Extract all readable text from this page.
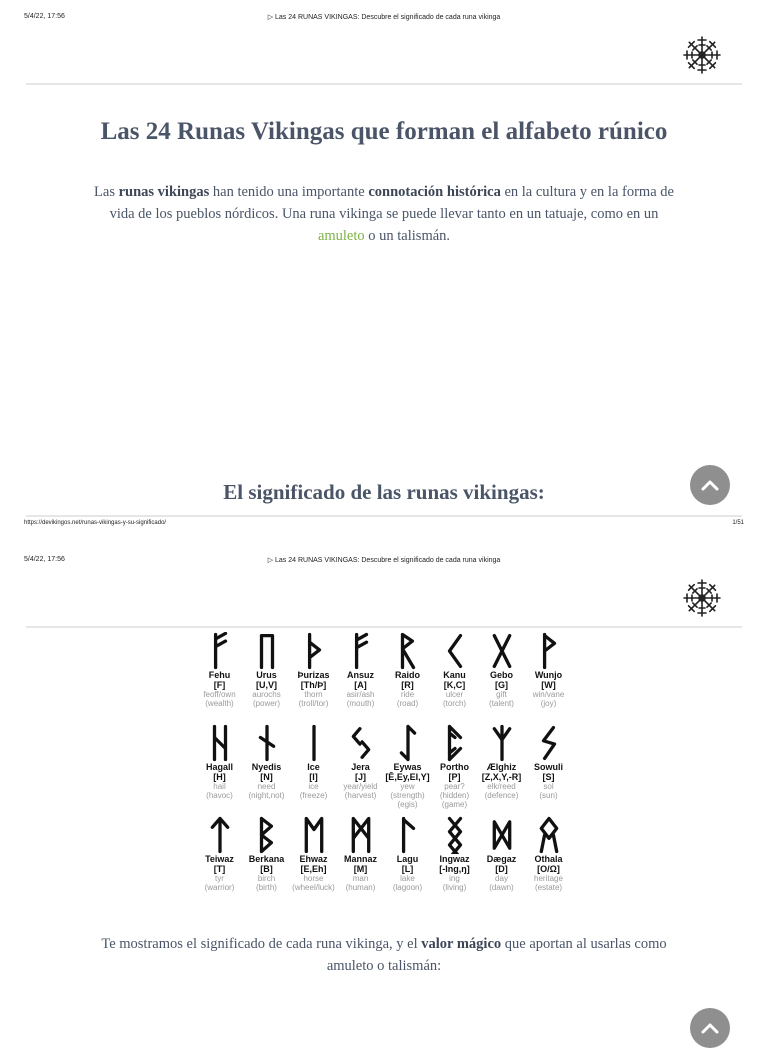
5/4/22, 17:56	▷ Las 24 RUNAS VIKINGAS: Descubre el significado de cada runa vikinga
Las 24 Runas Vikingas que forman el alfabeto rúnico

Las runas vikingas han tenido una importante connotación histórica en la cultura y en la forma de vida de los pueblos nórdicos. Una runa vikinga se puede llevar tanto en un tatuaje, como en un amuleto o un talismán.

El significado de las runas vikingas:
https://devikingos.net/runas-vikingas-y-su-significado/	1/51
5/4/22, 17:56	▷ Las 24 RUNAS VIKINGAS: Descubre el significado de cada runa vikinga
Fehu
[F]
feoff/own
(wealth)
Urus
[U,V]
aurochs
(power)
Þurizas
[Th/Þ]
thorn
(troll/tor)
Ansuz
[A]
asir/ash
(mouth)
Raido
[R]
ride
(road)
Kanu
[K,C]
ulcer
(torch)
Gebo
[G]
gift
(talent)
Wunjo
[W]
win/vane
(joy)
Hagall
[H]
hail
(havoc)
Nyedis
[N]
need
(night,not)
Ice
[I]
ice
(freeze)
Jera
[J]
year/yield
(harvest)
Eywas
[Ē,Ey,EI,Y]
yew
(strength)
(egis)
Portho
[P]
pear?
(hidden)
(game)
Ælghiz
[Z,X,Y,-R]
elk/reed
(defence)
Sowuli
[S]
sol
(sun)
Teiwaz
[T]
tyr
(warrior)
Berkana
[B]
birch
(birth)
Ehwaz
[E,Eh]
horse
(wheel/luck)
Mannaz
[M]
man
(human)
Lagu
[L]
lake
(lagoon)
Ingwaz
[-Ing,ŋ]
ing
(living)
Dægaz
[D]
day
(dawn)
Othala
[O/Ω]
heritage
(estate)

Te mostramos el significado de cada runa vikinga, y el valor mágico que aportan al usarlas como amuleto o talismán:
